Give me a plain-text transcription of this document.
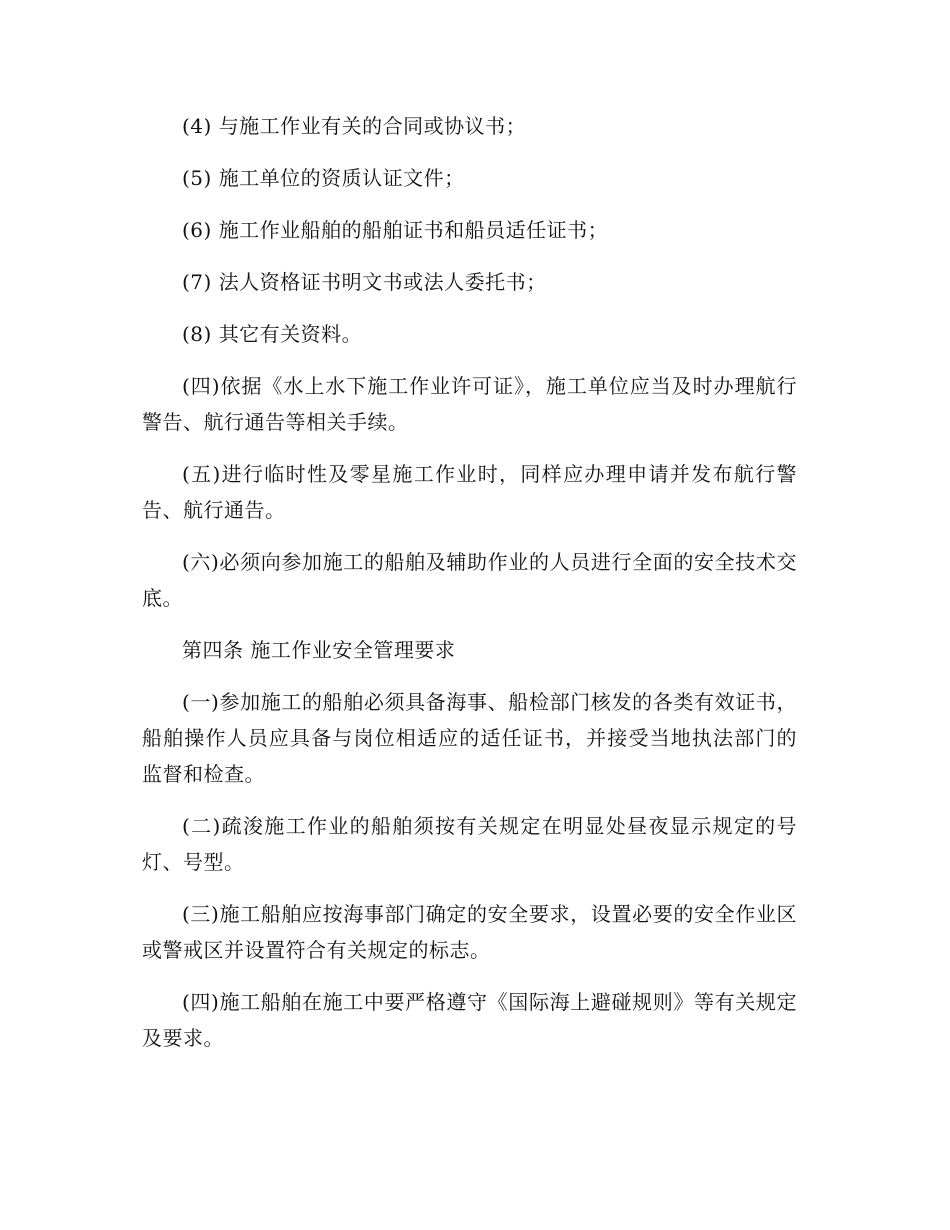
(4) 与施工作业有关的合同或协议书；

(5) 施工单位的资质认证文件；

(6) 施工作业船舶的船舶证书和船员适任证书；

(7) 法人资格证书明文书或法人委托书；

(8) 其它有关资料。

(四)依据《水上水下施工作业许可证》，施工单位应当及时办理航行警告、航行通告等相关手续。

(五)进行临时性及零星施工作业时，同样应办理申请并发布航行警告、航行通告。

(六)必须向参加施工的船舶及辅助作业的人员进行全面的安全技术交底。

第四条 施工作业安全管理要求

(一)参加施工的船舶必须具备海事、船检部门核发的各类有效证书，船舶操作人员应具备与岗位相适应的适任证书，并接受当地执法部门的监督和检查。

(二)疏浚施工作业的船舶须按有关规定在明显处昼夜显示规定的号灯、号型。

(三)施工船舶应按海事部门确定的安全要求，设置必要的安全作业区或警戒区并设置符合有关规定的标志。

(四)施工船舶在施工中要严格遵守《国际海上避碰规则》等有关规定及要求。
